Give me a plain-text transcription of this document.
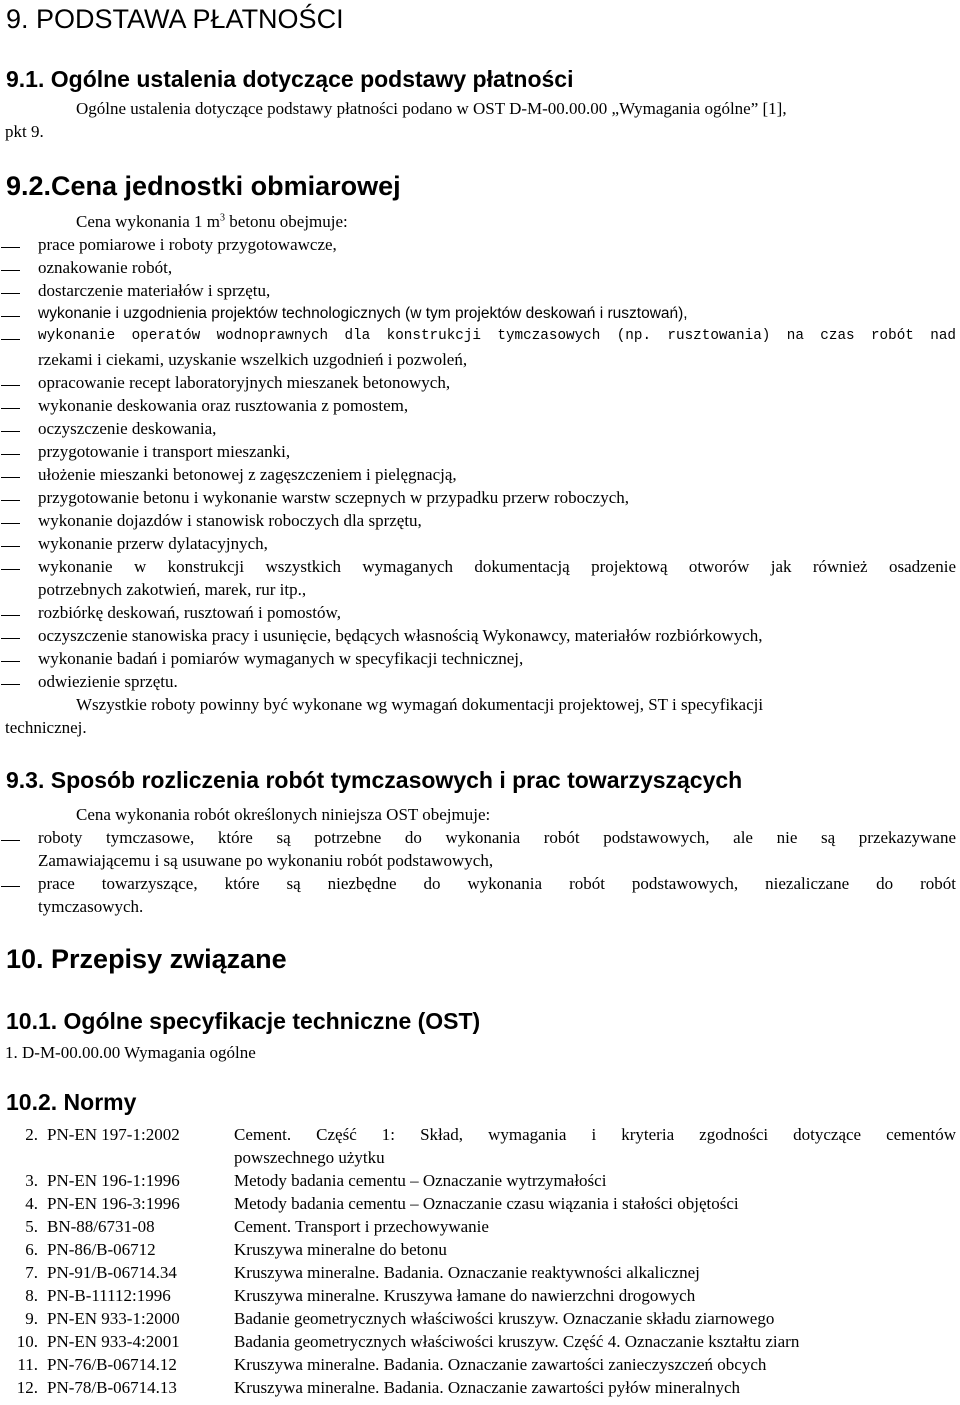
9. PODSTAWA PŁATNOŚCI
9.1. Ogólne ustalenia dotyczące podstawy płatności
Ogólne ustalenia dotyczące podstawy płatności podano w OST D-M-00.00.00 „Wymagania ogólne” [1],
pkt 9.
9.2.Cena jednostki obmiarowej
Cena wykonania 1 $m^3$ betonu obejmuje:
prace pomiarowe i roboty przygotowawcze,
oznakowanie robót,
dostarczenie materiałów i sprzętu,
wykonanie i uzgodnienia projektów technologicznych (w tym projektów deskowań i rusztowań),
wykonanie operatów wodnoprawnych dla konstrukcji tymczasowych (np. rusztowania) na czas robót nad
rzekami i ciekami, uzyskanie wszelkich uzgodnień i pozwoleń,
opracowanie recept laboratoryjnych mieszanek betonowych,
wykonanie deskowania oraz rusztowania z pomostem,
oczyszczenie deskowania,
przygotowanie i transport mieszanki,
ułożenie mieszanki betonowej z zagęszczeniem i pielęgnacją,
przygotowanie betonu i wykonanie warstw sczepnych w przypadku przerw roboczych,
wykonanie dojazdów i stanowisk roboczych dla sprzętu,
wykonanie przerw dylatacyjnych,
wykonanie w konstrukcji wszystkich wymaganych dokumentacją projektową otworów jak również osadzenie
potrzebnych zakotwień, marek, rur itp.,
rozbiórkę deskowań, rusztowań i pomostów,
oczyszczenie stanowiska pracy i usunięcie, będących własnością Wykonawcy, materiałów rozbiórkowych,
wykonanie badań i pomiarów wymaganych w specyfikacji technicznej,
odwiezienie sprzętu.
Wszystkie roboty powinny być wykonane wg wymagań dokumentacji projektowej, ST i specyfikacji
technicznej.
9.3. Sposób rozliczenia robót tymczasowych i prac towarzyszących
Cena wykonania robót określonych niniejsza OST obejmuje:
roboty tymczasowe, które są potrzebne do wykonania robót podstawowych, ale nie są przekazywane
Zamawiającemu i są usuwane po wykonaniu robót podstawowych,
prace towarzyszące, które są niezbędne do wykonania robót podstawowych, niezaliczane do robót
tymczasowych.
10. Przepisy związane
10.1. Ogólne specyfikacje techniczne (OST)
1. D-M-00.00.00 Wymagania ogólne
10.2. Normy
2. PN-EN 197-1:2002	Cement. Część 1: Skład, wymagania i kryteria zgodności dotyczące cementów
powszechnego użytku
3. PN-EN 196-1:1996	Metody badania cementu – Oznaczanie wytrzymałości
4. PN-EN 196-3:1996	Metody badania cementu – Oznaczanie czasu wiązania i stałości objętości
5. BN-88/6731-08	Cement. Transport i przechowywanie
6. PN-86/B-06712	Kruszywa mineralne do betonu
7. PN-91/B-06714.34	Kruszywa mineralne. Badania. Oznaczanie reaktywności alkalicznej
8. PN-B-11112:1996	Kruszywa mineralne. Kruszywa łamane do nawierzchni drogowych
9. PN-EN 933-1:2000	Badanie geometrycznych właściwości kruszyw. Oznaczanie składu ziarnowego
10. PN-EN 933-4:2001	Badania geometrycznych właściwości kruszyw. Część 4. Oznaczanie kształtu ziarn
11. PN-76/B-06714.12	Kruszywa mineralne. Badania. Oznaczanie zawartości zanieczyszczeń obcych
12. PN-78/B-06714.13	Kruszywa mineralne. Badania. Oznaczanie zawartości pyłów mineralnych
